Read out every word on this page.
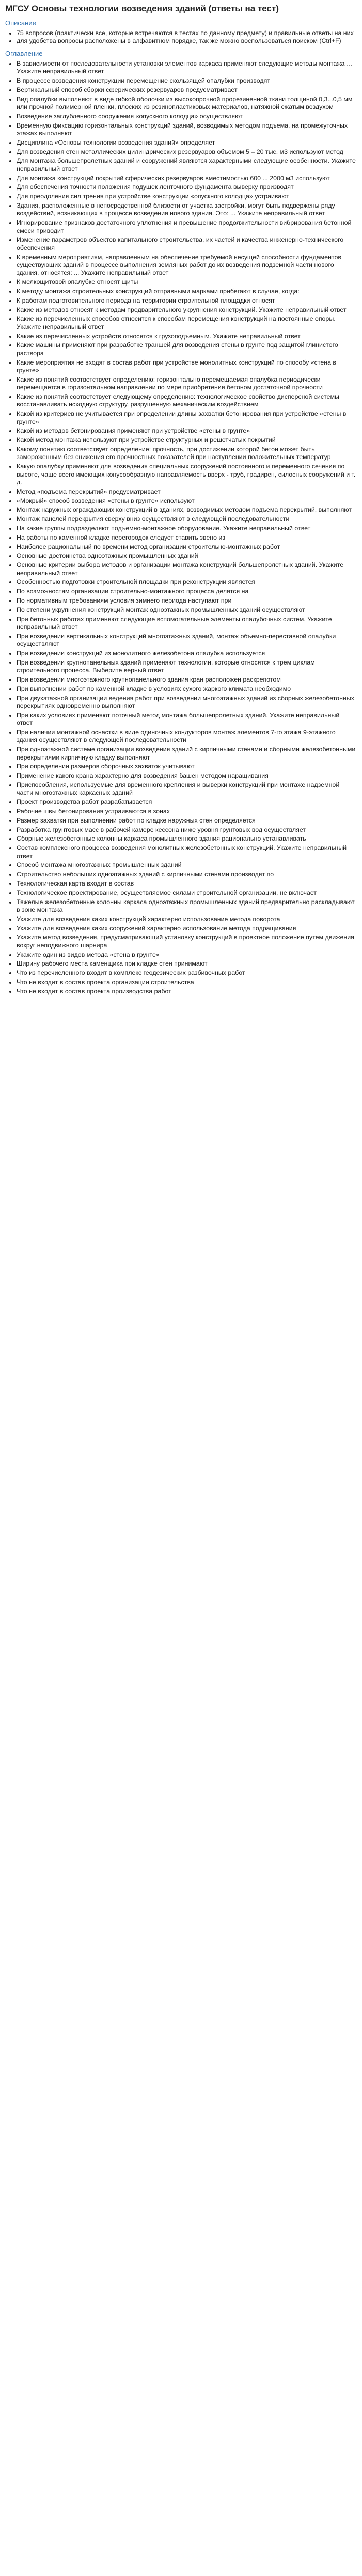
МГСУ Основы технологии возведения зданий (ответы на тест)
Описание
• 75 вопросов (практически все, которые встречаются в тестах по данному предмету) и правильные ответы на них
• для удобства вопросы расположены в алфавитном порядке, так же можно воспользоваться поиском (Ctrl+F)
Оглавление
• В зависимости от последовательности установки элементов каркаса применяют следующие методы монтажа … Укажите неправильный ответ
• В процессе возведения конструкции перемещение скользящей опалубки производят
• Вертикальный способ сборки сферических резервуаров предусматривает
• Вид опалубки выполняют в виде гибкой оболочки из высокопрочной прорезиненной ткани толщиной 0,3...0,5 мм или прочной полимерной пленки, плоских из резинопластиковых материалов, натяжной сжатым воздухом
• Возведение заглубленного сооружения «опускного колодца» осуществляют
• Временную фиксацию горизонтальных конструкций зданий, возводимых методом подъема, на промежуточных этажах выполняют
• Дисциплина «Основы технологии возведения зданий» определяет
• Для возведения стен металлических цилиндрических резервуаров объемом 5 – 20 тыс. м3 используют метод
• Для монтажа большепролетных зданий и сооружений являются характерными следующие особенности. Укажите неправильный ответ
• Для монтажа конструкций покрытий сферических резервуаров вместимостью 600 ... 2000 м3 используют
• Для обеспечения точности положения подушек ленточного фундамента выверку производят
• Для преодоления сил трения при устройстве конструкции «опускного колодца» устраивают
• Здания, расположенные в непосредственной близости от участка застройки, могут быть подвержены ряду воздействий, возникающих в процессе возведения нового здания. Это: ... Укажите неправильный ответ
• Игнорирование признаков достаточного уплотнения и превышение продолжительности вибрирования бетонной смеси приводит
• Изменение параметров объектов капитального строительства, их частей и качества инженерно-технического обеспечения
• К временным мероприятиям, направленным на обеспечение требуемой несущей способности фундаментов существующих зданий в процессе выполнения земляных работ до их возведения подземной части нового здания, относятся: ... Укажите неправильный ответ
• К мелкощитовой опалубке относят щиты
• К методу монтажа строительных конструкций отправными марками прибегают в случае, когда:
• К работам подготовительного периода на территории строительной площадки относят
• Какие из методов относят к методам предварительного укрупнения конструкций. Укажите неправильный ответ
• Какие из перечисленных способов относится к способам перемещения конструкций на постоянные опоры. Укажите неправильный ответ
• Какие из перечисленных устройств относятся к грузоподъемным. Укажите неправильный ответ
• Какие машины применяют при разработке траншей для возведения стены в грунте под защитой глинистого раствора
• Какие мероприятия не входят в состав работ при устройстве монолитных конструкций по способу «стена в грунте»
• Какие из понятий соответствует определению: горизонтально перемещаемая опалубка периодически перемещается в горизонтальном направлении по мере приобретения бетоном достаточной прочности
• Какие из понятий соответствует следующему определению: технологическое свойство дисперсной системы восстанавливать исходную структуру, разрушенную механическим воздействием
• Какой из критериев не учитывается при определении длины захватки бетонирования при устройстве «стены в грунте»
• Какой из методов бетонирования применяют при устройстве «стены в грунте»
• Какой метод монтажа используют при устройстве структурных и решетчатых покрытий
• Какому понятию соответствует определение: прочность, при достижении которой бетон может быть замороженным без снижения его прочностных показателей при наступлении положительных температур
• Какую опалубку применяют для возведения специальных сооружений постоянного и переменного сечения по высоте, чаще всего имеющих конусообразную направляемость вверх - труб, градирен, силосных сооружений и т. д.
• Метод «подъема перекрытий» предусматривает
• «Мокрый» способ возведения «стены в грунте» используют
• Монтаж наружных ограждающих конструкций в зданиях, возводимых методом подъема перекрытий, выполняют
• Монтаж панелей перекрытия сверху вниз осуществляют в следующей последовательности
• На какие группы подразделяют подъемно-монтажное оборудование. Укажите неправильный ответ
• На работы по каменной кладке перегородок следует ставить звено из
• Наиболее рациональный по времени метод организации строительно-монтажных работ
• Основные достоинства одноэтажных промышленных зданий
• Основные критерии выбора методов и организации монтажа конструкций большепролетных зданий. Укажите неправильный ответ
• Особенностью подготовки строительной площадки при реконструкции является
• По возможностям организации строительно-монтажного процесса делятся на
• По нормативным требованиям условия зимнего периода наступают при
• По степени укрупнения конструкций монтаж одноэтажных промышленных зданий осуществляют
• При бетонных работах применяют следующие вспомогательные элементы опалубочных систем. Укажите неправильный ответ
• При возведении вертикальных конструкций многоэтажных зданий, монтаж объемно-переставной опалубки осуществляют
• При возведении конструкций из монолитного железобетона опалубка используется
• При возведении крупнопанельных зданий применяют технологии, которые относятся к трем циклам строительного процесса. Выберите верный ответ
• При возведении многоэтажного крупнопанельного здания кран расположен раскрепотом
• При выполнении работ по каменной кладке в условиях сухого жаркого климата необходимо
• При двухэтажной организации ведения работ при возведении многоэтажных зданий из сборных железобетонных перекрытиях одновременно выполняют
• При каких условиях применяют поточный метод монтажа большепролетных зданий. Укажите неправильный ответ
• При наличии монтажной оснастки в виде одиночных кондукторов монтаж элементов 7-го этажа 9-этажного здания осуществляют в следующей последовательности
• При одноэтажной системе организации возведения зданий с кирпичными стенами и сборными железобетонными перекрытиями кирпичную кладку выполняют
• При определении размеров сборочных захваток учитывают
• Применение какого крана характерно для возведения башен методом наращивания
• Приспособления, используемые для временного крепления и выверки конструкций при монтаже надземной части многоэтажных каркасных зданий
• Проект производства работ разрабатывается
• Рабочие швы бетонирования устраиваются в зонах
• Размер захватки при выполнении работ по кладке наружных стен определяется
• Разработка грунтовых масс в рабочей камере кессона ниже уровня грунтовых вод осуществляет
• Сборные железобетонные колонны каркаса промышленного здания рационально устанавливать
• Состав комплексного процесса возведения монолитных железобетонных конструкций. Укажите неправильный ответ
• Способ монтажа многоэтажных промышленных зданий
• Строительство небольших одноэтажных зданий с кирпичными стенами производят по
• Технологическая карта входит в состав
• Технологическое проектирование, осуществляемое силами строительной организации, не включает
• Тяжелые железобетонные колонны каркаса одноэтажных промышленных зданий предварительно раскладывают в зоне монтажа
• Укажите для возведения каких конструкций характерно использование метода поворота
• Укажите для возведения каких сооружений характерно использование метода подращивания
• Укажите метод возведения, предусматривающий установку конструкций в проектное положение путем движения вокруг неподвижного шарнира
• Укажите один из видов метода «стена в грунте»
• Ширину рабочего места каменщика при кладке стен принимают
• Что из перечисленного входит в комплекс геодезических разбивочных работ
• Что не входит в состав проекта организации строительства
• Что не входит в состав проекта производства работ
